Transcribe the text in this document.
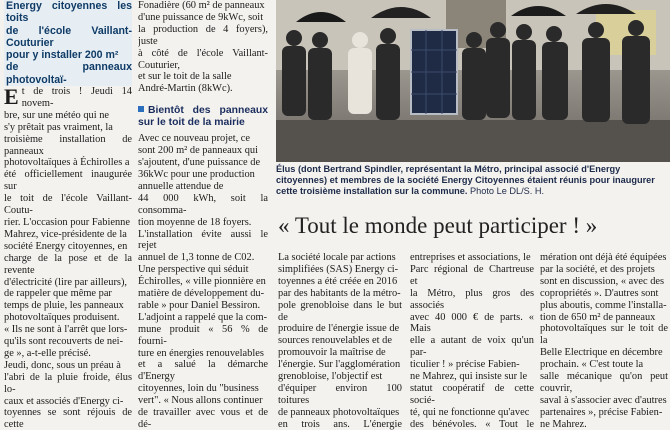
Energy citoyennes les toits

de l'école Vaillant-Couturier

pour y installer 200 m²

de panneaux photovoltaï-

E t de trois ! Jeudi 14 novem-

bre, sur une météo qui ne

s'y prêtait pas vraiment, la

troisième installation de panneaux

photovoltaïques à Échirolles a

été officiellement inaugurée sur

le toit de l'école Vaillant-Coutu-

rier. L'occasion pour Fabienne

Mahrez, vice-présidente de la

société Energy citoyennes, en

charge de la pose et de la revente

d'électricité (lire par ailleurs),

de rappeler que même par

temps de pluie, les panneaux

photovoltaïques produisent.

« Ils ne sont à l'arrêt que lors-

qu'ils sont recouverts de nei-

ge », a-t-elle précisé.

Jeudi, donc, sous un préau à

l'abri de la pluie froide, élus lo-

caux et associés d'Energy ci-

toyennes se sont réjouis de cette

Fonadière (60 m² de panneaux

d'une puissance de 9kWc, soit

la production de 4 foyers), juste

à côté de l'école Vaillant-Couturier,

et sur le toit de la salle

André-Martin (8kWc).

Bientôt des panneaux sur le toit de la mairie

Avec ce nouveau projet, ce

sont 200 m² de panneaux qui

s'ajoutent, d'une puissance de

36kWc pour une production

annuelle attendue de

44 000 kWh, soit la consomma-

tion moyenne de 18 foyers.

L'installation évite aussi le rejet

annuel de 1,3 tonne de C02.

Une perspective qui séduit

Échirolles, « ville pionnière en

matière de développement du-

rable » pour Daniel Bessiron.

L'adjoint a rappelé que la com-

mune produit « 56 % de fourni-

ture en énergies renouvelables

et a salué la démarche d'Energy

citoyennes, loin du "business

vert". « Nous allons continuer

de travailler avec vous et de dé-

Élus (dont Bertrand Spindler, représentant la Métro, principal associé d'Energy citoyennes) et membres de la société Energy Citoyennes étaient réunis pour inaugurer cette troisième installation sur la commune. Photo Le DL/S. H.
« Tout le monde peut participer ! »

La société locale par actions

simplifiées (SAS) Energy ci-

toyennes a été créée en 2016

par des habitants de la métro-

pole grenobloise dans le but de

produire de l'énergie issue de

sources renouvelables et de

promouvoir la maîtrise de

l'énergie. Sur l'agglomération

grenobloise, l'objectif est

d'équiper environ 100 toitures

de panneaux photovoltaïques

en trois ans. L'énergie

entreprises et associations, le

Parc régional de Chartreuse et

la Métro, plus gros des associés

avec 40 000 € de parts. « Mais

elle a autant de voix qu'un par-

ticulier ! » précise Fabien-

ne Mahrez, qui insiste sur le

statut coopératif de cette socié-

té, qui ne fonctionne qu'avec

des bénévoles. « Tout le

mération ont déjà été équipées

par la société, et des projets

sont en discussion, « avec des

copropriétés ». D'autres sont

plus aboutis, comme l'installa-

tion de 650 m² de panneaux

photovoltaïques sur le toit de la

Belle Electrique en décembre

prochain. « C'est toute la

salle mécanique qu'on peut couvrir,

saval à s'associer avec d'autres

partenaires », précise Fabien-

ne Mahrez.
